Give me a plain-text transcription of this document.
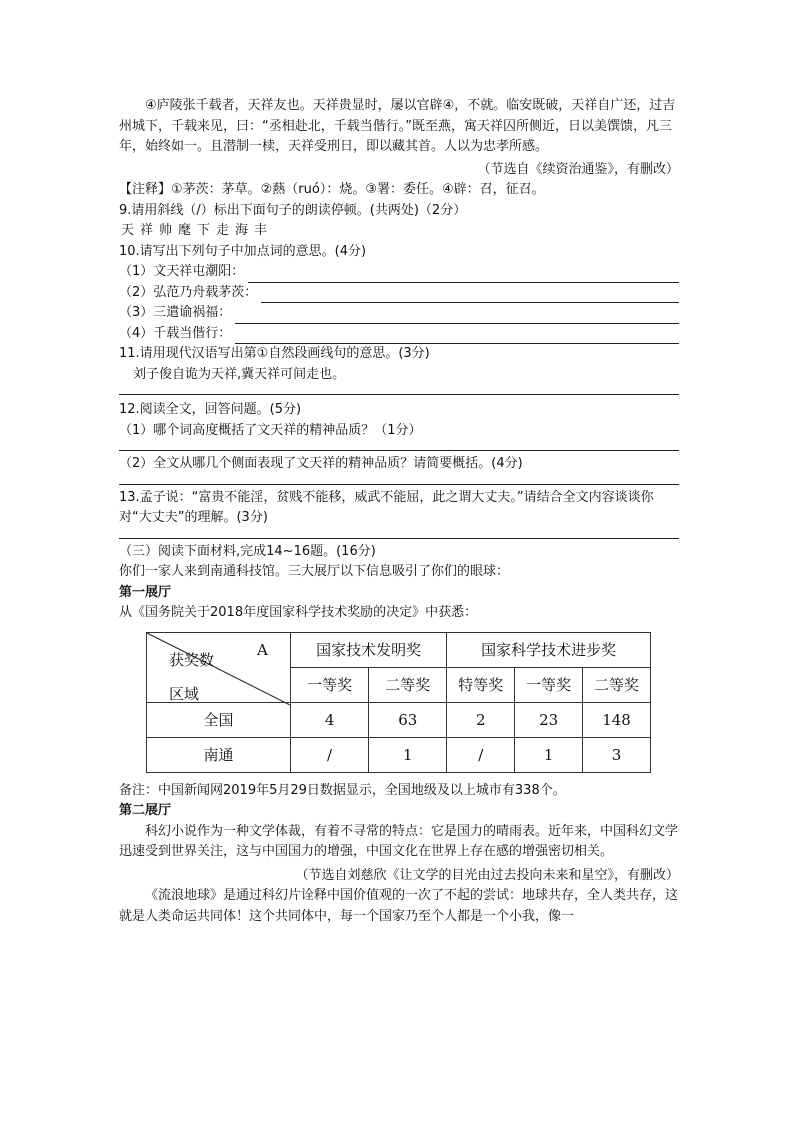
④庐陵张千载者，天祥友也。天祥贵显时，屡以官辟④，不就。临安既破，天祥自广还，过吉州城下，千载来见，曰：“丞相赴北，千载当偕行。”既至燕，寓天祥囚所侧近，日以美馔馈，凡三年，始终如一。且潜制一椟，天祥受刑日，即以藏其首。人以为忠孝所感。

（节选自《续资治通鉴》，有删改）

【注释】①茅茨：茅草。②爇（ruó）：烧。③署：委任。④辟：召，征召。

9.请用斜线（/）标出下面句子的朗读停顿。(共两处)（2分）

天祥帅麾下走海丰

10.请写出下列句子中加点词的意思。(4分)

（1）文天祥屯潮阳：
（2）弘范乃舟载茅茨：
（3）三遣谕祸福：
（4）千载当偕行：

11.请用现代汉语写出第①自然段画线句的意思。(3分)

刘子俊自诡为天祥,冀天祥可间走也。

12.阅读全文，回答问题。(5分)

（1）哪个词高度概括了文天祥的精神品质？（1分）

（2）全文从哪几个侧面表现了文天祥的精神品质？请简要概括。(4分)

13.孟子说：“富贵不能淫，贫贱不能移，威武不能屈，此之谓大丈夫。”请结合全文内容谈谈你对“大丈夫”的理解。(3分)

（三）阅读下面材料,完成14~16题。(16分)

你们一家人来到南通科技馆。三大展厅以下信息吸引了你们的眼球：

第一展厅

从《国务院关于2018年度国家科学技术奖励的决定》中获悉：

获奖数
A
区域	国家技术发明奖		国家科学技术进步奖		
	一等奖	二等奖	特等奖	一等奖	二等奖
全国	4	63	2	23	148
南通	/	1	/	1	3

备注：中国新闻网2019年5月29日数据显示，全国地级及以上城市有338个。

第二展厅

科幻小说作为一种文学体裁，有着不寻常的特点：它是国力的晴雨表。近年来，中国科幻文学迅速受到世界关注，这与中国国力的增强，中国文化在世界上存在感的增强密切相关。

（节选自刘慈欣《让文学的目光由过去投向未来和星空》，有删改）

《流浪地球》是通过科幻片诠释中国价值观的一次了不起的尝试：地球共存，全人类共存，这就是人类命运共同体！这个共同体中，每一个国家乃至个人都是一个小我，像一
